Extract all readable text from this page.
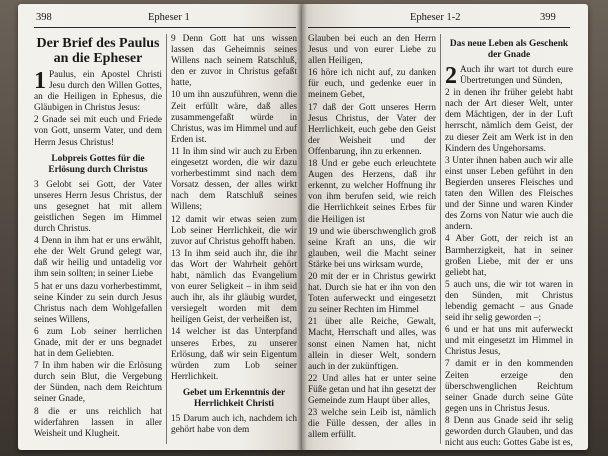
398	Epheser 1
Der Brief des Paulus an die Epheser

1 Paulus, ein Apostel Christi Jesu durch den Willen Gottes, an die Heiligen in Ephesus, die Gläubigen in Christus Jesus:

2 Gnade sei mit euch und Friede von Gott, unserm Vater, und dem Herrn Jesus Christus!

Lobpreis Gottes für die Erlösung durch Christus

3 Gelobt sei Gott, der Vater unseres Herrn Jesus Christus, der uns gesegnet hat mit allem geistlichen Segen im Himmel durch Christus.

4 Denn in ihm hat er uns erwählt, ehe der Welt Grund gelegt war, daß wir heilig und untadelig vor ihm sein sollten; in seiner Liebe

5 hat er uns dazu vorherbestimmt, seine Kinder zu sein durch Jesus Christus nach dem Wohlgefallen seines Willens,

6 zum Lob seiner herrlichen Gnade, mit der er uns begnadet hat in dem Geliebten.

7 In ihm haben wir die Erlösung durch sein Blut, die Vergebung der Sünden, nach dem Reichtum seiner Gnade,

8 die er uns reichlich hat widerfahren lassen in aller Weisheit und Klugheit.

9 Denn Gott hat uns wissen lassen das Geheimnis seines Willens nach seinem Ratschluß, den er zuvor in Christus gefaßt hatte,

10 um ihn auszuführen, wenn die Zeit erfüllt wäre, daß alles zusammengefaßt würde in Christus, was im Himmel und auf Erden ist.

11 In ihm sind wir auch zu Erben eingesetzt worden, die wir dazu vorherbestimmt sind nach dem Vorsatz dessen, der alles wirkt nach dem Ratschluß seines Willens;

12 damit wir etwas seien zum Lob seiner Herrlichkeit, die wir zuvor auf Christus gehofft haben.

13 In ihm seid auch ihr, die ihr das Wort der Wahrheit gehört habt, nämlich das Evangelium von eurer Seligkeit – in ihm seid auch ihr, als ihr gläubig wurdet, versiegelt worden mit dem heiligen Geist, der verheißen ist,

14 welcher ist das Unterpfand unseres Erbes, zu unserer Erlösung, daß wir sein Eigentum würden zum Lob seiner Herrlichkeit.

Gebet um Erkenntnis der Herrlichkeit Christi

15 Darum auch ich, nachdem ich gehört habe von dem

Epheser 1-2	399

Glauben bei euch an den Herrn Jesus und von eurer Liebe zu allen Heiligen,

16 höre ich nicht auf, zu danken für euch, und gedenke euer in meinem Gebet,

17 daß der Gott unseres Herrn Jesus Christus, der Vater der Herrlichkeit, euch gebe den Geist der Weisheit und der Offenbarung, ihn zu erkennen.

18 Und er gebe euch erleuchtete Augen des Herzens, daß ihr erkennt, zu welcher Hoffnung ihr von ihm berufen seid, wie reich die Herrlichkeit seines Erbes für die Heiligen ist

19 und wie überschwenglich groß seine Kraft an uns, die wir glauben, weil die Macht seiner Stärke bei uns wirksam wurde,

20 mit der er in Christus gewirkt hat. Durch sie hat er ihn von den Toten auferweckt und eingesetzt zu seiner Rechten im Himmel

21 über alle Reiche, Gewalt, Macht, Herrschaft und alles, was sonst einen Namen hat, nicht allein in dieser Welt, sondern auch in der zukünftigen.

22 Und alles hat er unter seine Füße getan und hat ihn gesetzt der Gemeinde zum Haupt über alles,

23 welche sein Leib ist, nämlich die Fülle dessen, der alles in allem erfüllt.

Das neue Leben als Geschenk der Gnade

2 Auch ihr wart tot durch eure Übertretungen und Sünden,

2 in denen ihr früher gelebt habt nach der Art dieser Welt, unter dem Mächtigen, der in der Luft herrscht, nämlich dem Geist, der zu dieser Zeit am Werk ist in den Kindern des Ungehorsams.

3 Unter ihnen haben auch wir alle einst unser Leben geführt in den Begierden unseres Fleisches und taten den Willen des Fleisches und der Sinne und waren Kinder des Zorns von Natur wie auch die andern.

4 Aber Gott, der reich ist an Barmherzigkeit, hat in seiner großen Liebe, mit der er uns geliebt hat,

5 auch uns, die wir tot waren in den Sünden, mit Christus lebendig gemacht – aus Gnade seid ihr selig geworden –;

6 und er hat uns mit auferweckt und mit eingesetzt im Himmel in Christus Jesus,

7 damit er in den kommenden Zeiten erzeige den überschwenglichen Reichtum seiner Gnade durch seine Güte gegen uns in Christus Jesus.

8 Denn aus Gnade seid ihr selig geworden durch Glauben, und das nicht aus euch: Gottes Gabe ist es,
